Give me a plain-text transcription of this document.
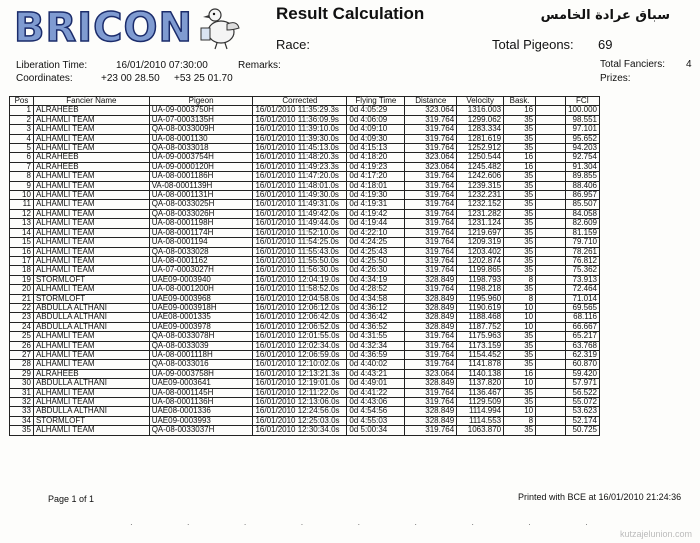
BRICON	Result Calculation	سباق عرادة الخامس
Race:	Total Pigeons: 69
Liberation Time:	16/01/2010 07:30:00	Remarks:	Total Fanciers: 4
Coordinates:	+23 00 28.50 +53 25 01.70	Prizes:
Pos	Fancier Name	Pigeon	Corrected	Flying Time	Distance	Velocity	Bask.		FCI
1	ALRAHEEB	UA-09-0003750H	16/01/2010 11:35:29.3s	0d 4:05:29	323.064	1316.003	16		100.000
2	ALHAMLI TEAM	UA-07-0003135H	16/01/2010 11:36:09.9s	0d 4:06:09	319.764	1299.062	35		98.551
3	ALHAMLI TEAM	QA-08-0033009H	16/01/2010 11:39:10.0s	0d 4:09:10	319.764	1283.334	35		97.101
4	ALHAMLI TEAM	UA-08-0001130	16/01/2010 11:39:30.0s	0d 4:09:30	319.764	1281.619	35		95.652
5	ALHAMLI TEAM	QA-08-0033018	16/01/2010 11:45:13.0s	0d 4:15:13	319.764	1252.912	35		94.203
6	ALRAHEEB	UA-09-0003754H	16/01/2010 11:48:20.3s	0d 4:18:20	323.064	1250.544	16		92.754
7	ALRAHEEB	UA-09-0000120H	16/01/2010 11:49:23.3s	0d 4:19:23	323.064	1245.482	16		91.304
8	ALHAMLI TEAM	UA-08-0001186H	16/01/2010 11:47:20.0s	0d 4:17:20	319.764	1242.606	35		89.855
9	ALHAMLI TEAM	VA-08-0001139H	16/01/2010 11:48:01.0s	0d 4:18:01	319.764	1239.315	35		88.406
10	ALHAMLI TEAM	UA-08-0001131H	16/01/2010 11:49:30.0s	0d 4:19:30	319.764	1232.231	35		86.957
11	ALHAMLI TEAM	QA-08-0033025H	16/01/2010 11:49:31.0s	0d 4:19:31	319.764	1232.152	35		85.507
12	ALHAMLI TEAM	QA-08-0033026H	16/01/2010 11:49:42.0s	0d 4:19:42	319.764	1231.282	35		84.058
13	ALHAMLI TEAM	UA-08-0001198H	16/01/2010 11:49:44.0s	0d 4:19:44	319.764	1231.124	35		82.609
14	ALHAMLI TEAM	UA-08-0001174H	16/01/2010 11:52:10.0s	0d 4:22:10	319.764	1219.697	35		81.159
15	ALHAMLI TEAM	UA-08-0001194	16/01/2010 11:54:25.0s	0d 4:24:25	319.764	1209.319	35		79.710
16	ALHAMLI TEAM	QA-08-0033028	16/01/2010 11:55:43.0s	0d 4:25:43	319.764	1203.402	35		78.261
17	ALHAMLI TEAM	UA-08-0001162	16/01/2010 11:55:50.0s	0d 4:25:50	319.764	1202.874	35		76.812
18	ALHAMLI TEAM	UA-07-0003027H	16/01/2010 11:56:30.0s	0d 4:26:30	319.764	1199.865	35		75.362
19	STORMLOFT	UAE09-0003940	16/01/2010 12:04:19.0s	0d 4:34:19	328.849	1198.793	8		73.913
20	ALHAMLI TEAM	UA-08-0001200H	16/01/2010 11:58:52.0s	0d 4:28:52	319.764	1198.218	35		72.464
21	STORMLOFT	UAE09-0003968	16/01/2010 12:04:58.0s	0d 4:34:58	328.849	1195.960	8		71.014
22	ABDULLA ALTHANI	UAE09-0003918H	16/01/2010 12:06:12.0s	0d 4:36:12	328.849	1190.619	10		69.565
23	ABDULLA ALTHANI	UAE08-0001335	16/01/2010 12:06:42.0s	0d 4:36:42	328.849	1188.468	10		68.116
24	ABDULLA ALTHANI	UAE09-0003978	16/01/2010 12:06:52.0s	0d 4:36:52	328.849	1187.752	10		66.667
25	ALHAMLI TEAM	QA-08-0033078H	16/01/2010 12:01:55.0s	0d 4:31:55	319.764	1175.963	35		65.217
26	ALHAMLI TEAM	QA-08-0033039	16/01/2010 12:02:34.0s	0d 4:32:34	319.764	1173.159	35		63.768
27	ALHAMLI TEAM	UA-08-0001118H	16/01/2010 12:06:59.0s	0d 4:36:59	319.764	1154.452	35		62.319
28	ALHAMLI TEAM	QA-08-0033016	16/01/2010 12:10:02.0s	0d 4:40:02	319.764	1141.878	35		60.870
29	ALRAHEEB	UA-09-0003758H	16/01/2010 12:13:21.3s	0d 4:43:21	323.064	1140.138	16		59.420
30	ABDULLA ALTHANI	UAE09-0003641	16/01/2010 12:19:01.0s	0d 4:49:01	328.849	1137.820	10		57.971
31	ALHAMLI TEAM	UA-08-0001145H	16/01/2010 12:11:22.0s	0d 4:41:22	319.764	1136.467	35		56.522
32	ALHAMLI TEAM	UA-08-0001136H	16/01/2010 12:13:06.0s	0d 4:43:06	319.764	1129.509	35		55.072
33	ABDULLA ALTHANI	UAE08-0001336	16/01/2010 12:24:56.0s	0d 4:54:56	328.849	1114.994	10		53.623
34	STORMLOFT	UAE09-0003993	16/01/2010 12:25:03.0s	0d 4:55:03	328.849	1114.553	8		52.174
35	ALHAMLI TEAM	QA-08-0033037H	16/01/2010 12:30:34.0s	0d 5:00:34	319.764	1063.870	35		50.725
Page 1 of 1	Printed with BCE at 16/01/2010 21:24:36
· · · · · · · · ·
kutzajelunion.com
